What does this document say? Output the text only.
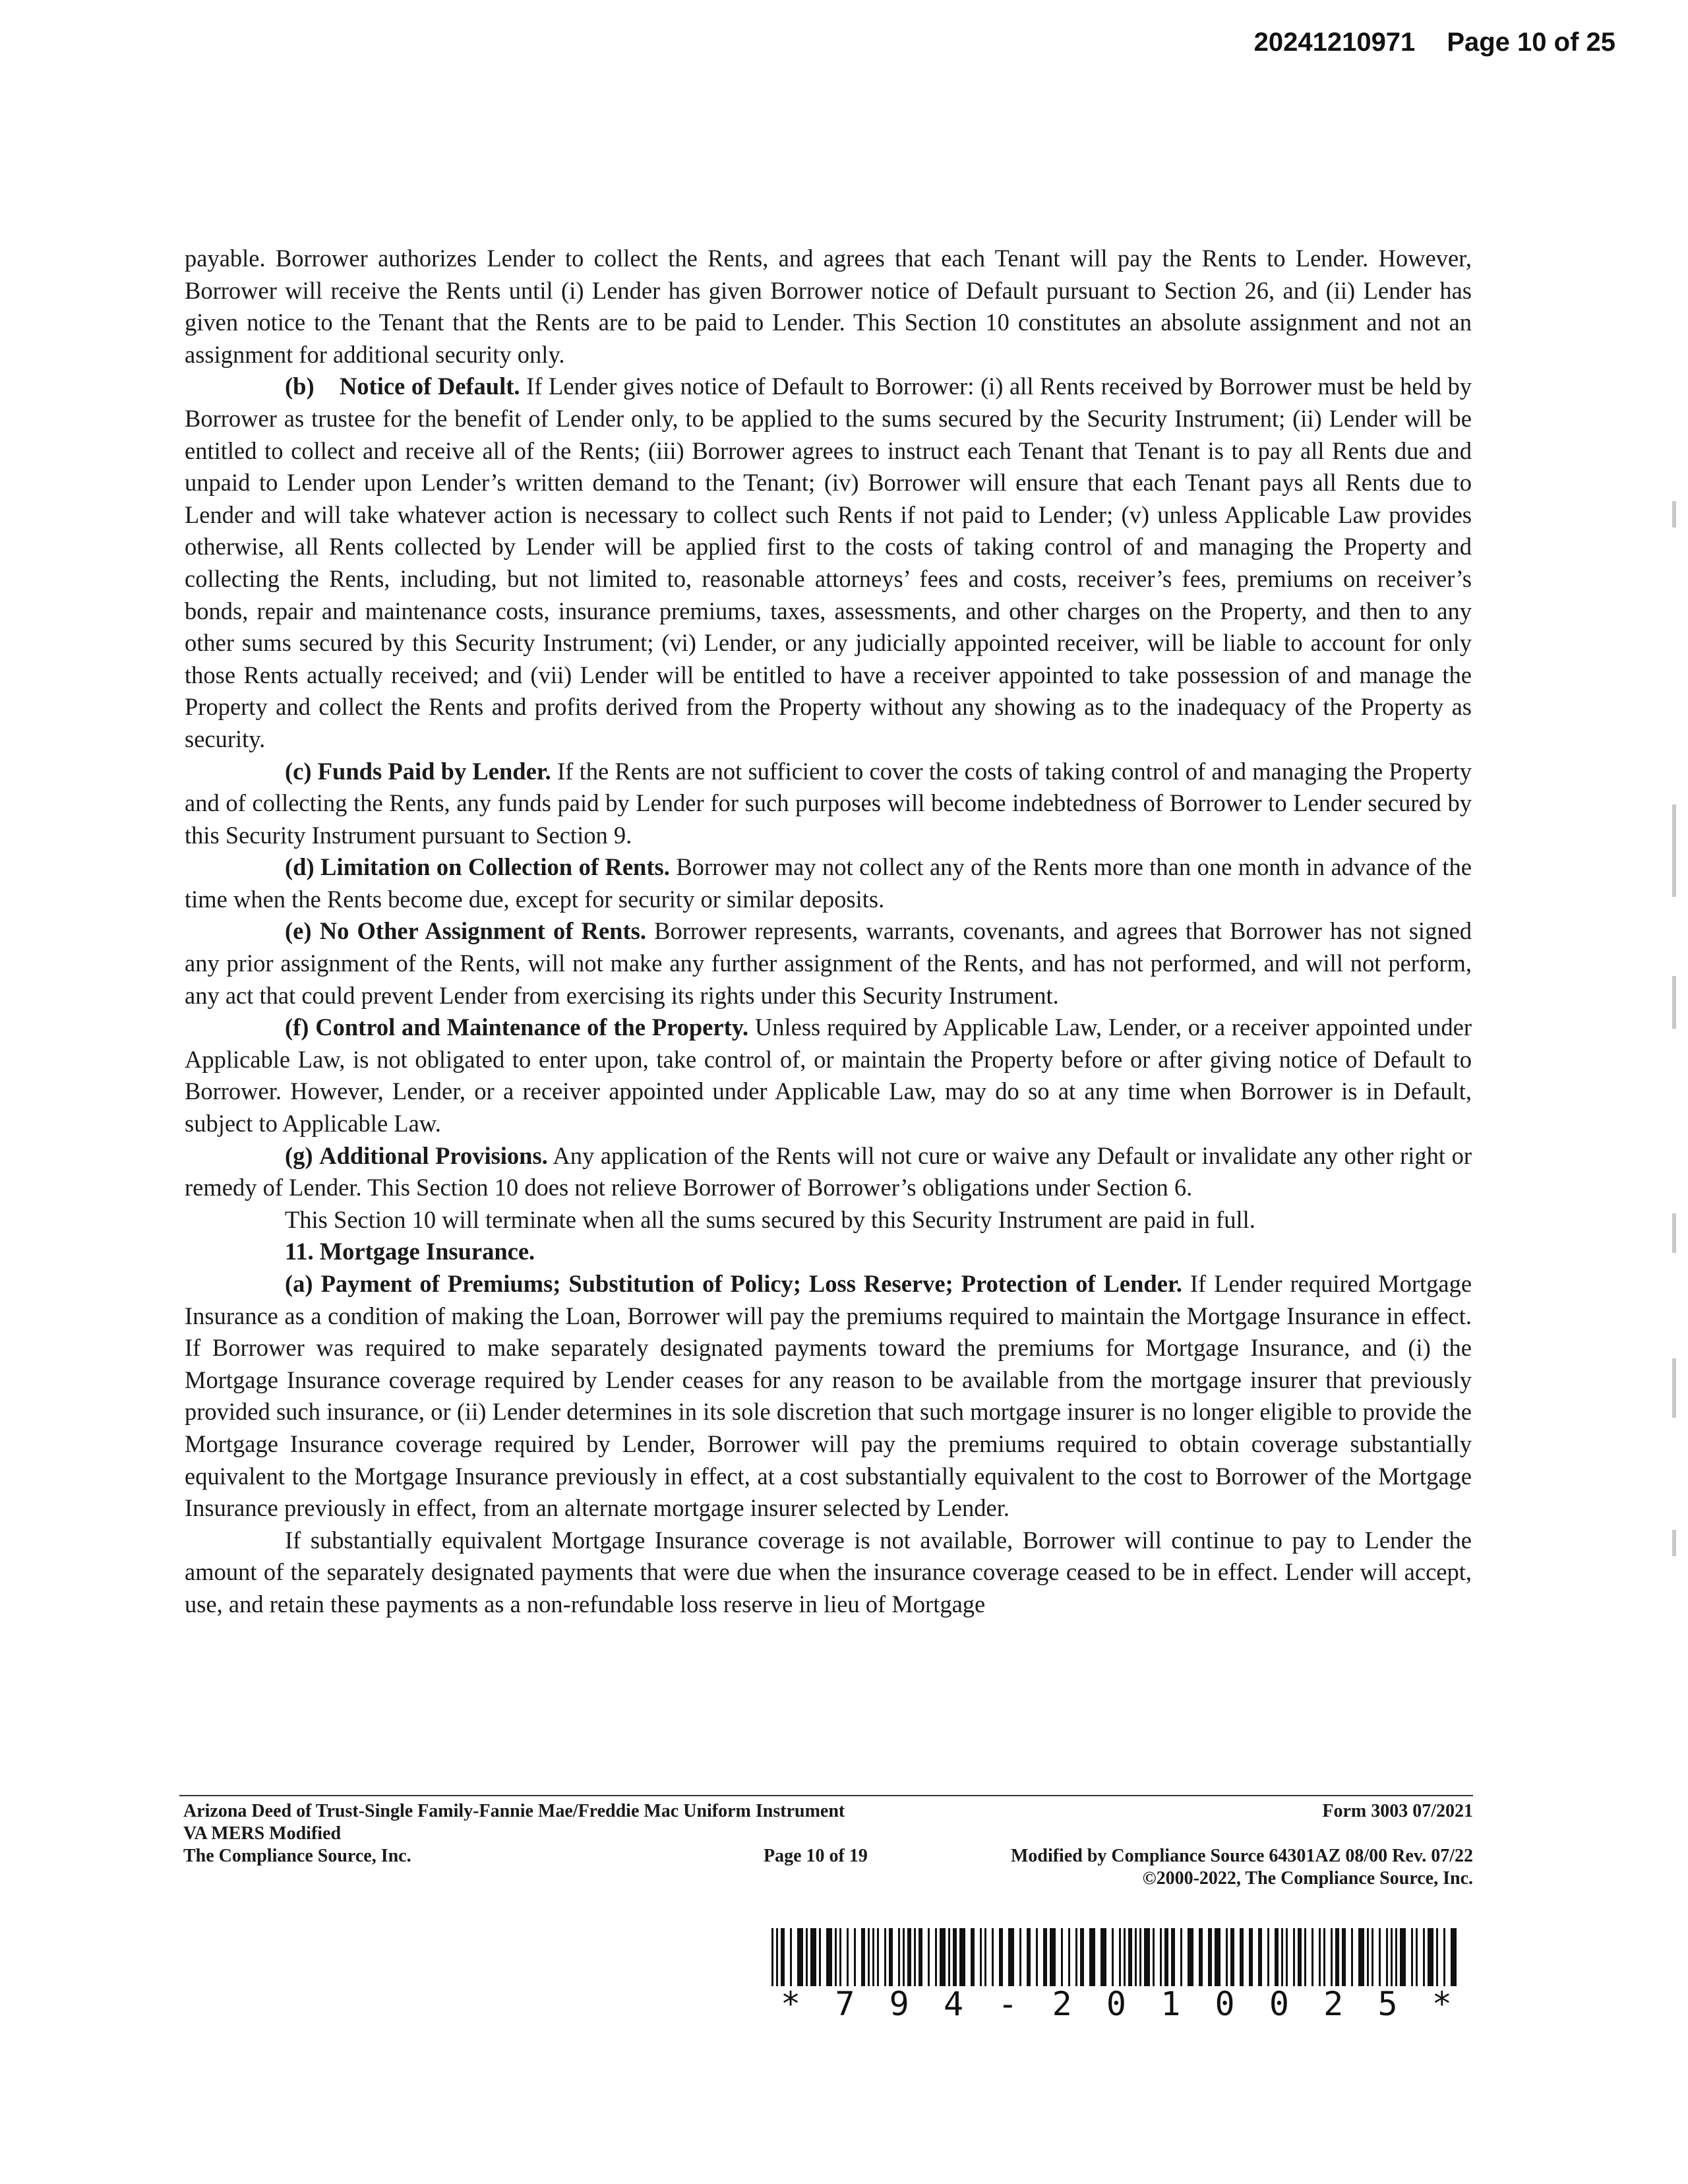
20241210971 Page 10 of 25

payable. Borrower authorizes Lender to collect the Rents, and agrees that each Tenant will pay the Rents to Lender. However, Borrower will receive the Rents until (i) Lender has given Borrower notice of Default pursuant to Section 26, and (ii) Lender has given notice to the Tenant that the Rents are to be paid to Lender. This Section 10 constitutes an absolute assignment and not an assignment for additional security only.

(b) Notice of Default. If Lender gives notice of Default to Borrower: (i) all Rents received by Borrower must be held by Borrower as trustee for the benefit of Lender only, to be applied to the sums secured by the Security Instrument; (ii) Lender will be entitled to collect and receive all of the Rents; (iii) Borrower agrees to instruct each Tenant that Tenant is to pay all Rents due and unpaid to Lender upon Lender’s written demand to the Tenant; (iv) Borrower will ensure that each Tenant pays all Rents due to Lender and will take whatever action is necessary to collect such Rents if not paid to Lender; (v) unless Applicable Law provides otherwise, all Rents collected by Lender will be applied first to the costs of taking control of and managing the Property and collecting the Rents, including, but not limited to, reasonable attorneys’ fees and costs, receiver’s fees, premiums on receiver’s bonds, repair and maintenance costs, insurance premiums, taxes, assessments, and other charges on the Property, and then to any other sums secured by this Security Instrument; (vi) Lender, or any judicially appointed receiver, will be liable to account for only those Rents actually received; and (vii) Lender will be entitled to have a receiver appointed to take possession of and manage the Property and collect the Rents and profits derived from the Property without any showing as to the inadequacy of the Property as security.

(c) Funds Paid by Lender. If the Rents are not sufficient to cover the costs of taking control of and managing the Property and of collecting the Rents, any funds paid by Lender for such purposes will become indebtedness of Borrower to Lender secured by this Security Instrument pursuant to Section 9.

(d) Limitation on Collection of Rents. Borrower may not collect any of the Rents more than one month in advance of the time when the Rents become due, except for security or similar deposits.

(e) No Other Assignment of Rents. Borrower represents, warrants, covenants, and agrees that Borrower has not signed any prior assignment of the Rents, will not make any further assignment of the Rents, and has not performed, and will not perform, any act that could prevent Lender from exercising its rights under this Security Instrument.

(f) Control and Maintenance of the Property. Unless required by Applicable Law, Lender, or a receiver appointed under Applicable Law, is not obligated to enter upon, take control of, or maintain the Property before or after giving notice of Default to Borrower. However, Lender, or a receiver appointed under Applicable Law, may do so at any time when Borrower is in Default, subject to Applicable Law.

(g) Additional Provisions. Any application of the Rents will not cure or waive any Default or invalidate any other right or remedy of Lender. This Section 10 does not relieve Borrower of Borrower’s obligations under Section 6.

This Section 10 will terminate when all the sums secured by this Security Instrument are paid in full.

11. Mortgage Insurance.

(a) Payment of Premiums; Substitution of Policy; Loss Reserve; Protection of Lender. If Lender required Mortgage Insurance as a condition of making the Loan, Borrower will pay the premiums required to maintain the Mortgage Insurance in effect. If Borrower was required to make separately designated payments toward the premiums for Mortgage Insurance, and (i) the Mortgage Insurance coverage required by Lender ceases for any reason to be available from the mortgage insurer that previously provided such insurance, or (ii) Lender determines in its sole discretion that such mortgage insurer is no longer eligible to provide the Mortgage Insurance coverage required by Lender, Borrower will pay the premiums required to obtain coverage substantially equivalent to the Mortgage Insurance previously in effect, at a cost substantially equivalent to the cost to Borrower of the Mortgage Insurance previously in effect, from an alternate mortgage insurer selected by Lender.

If substantially equivalent Mortgage Insurance coverage is not available, Borrower will continue to pay to Lender the amount of the separately designated payments that were due when the insurance coverage ceased to be in effect. Lender will accept, use, and retain these payments as a non-refundable loss reserve in lieu of Mortgage

Arizona Deed of Trust-Single Family-Fannie Mae/Freddie Mac Uniform Instrument	Form 3003 07/2021
VA MERS Modified
The Compliance Source, Inc.	Page 10 of 19	Modified by Compliance Source 64301AZ 08/00 Rev. 07/22
©2000-2022, The Compliance Source, Inc.
* 7 9 4 - 2 0 1 0 0 2 5 *
